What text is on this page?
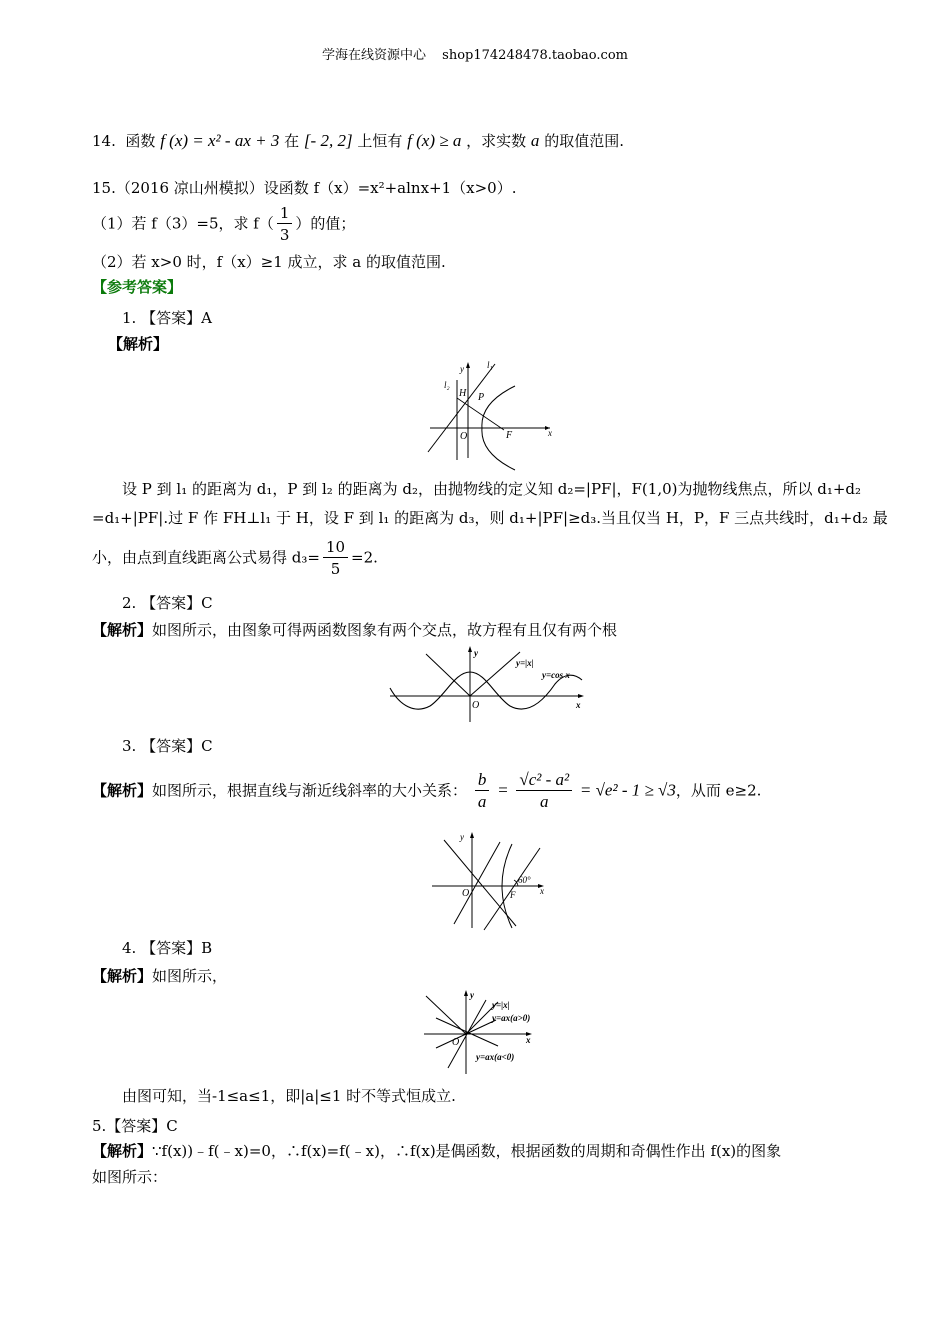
学海在线资源中心 shop174248478.taobao.com
14. 函数 f (x) = x² - ax + 3 在 [- 2, 2] 上恒有 f (x) ≥ a ，求实数 a 的取值范围.
15.（2016 凉山州模拟）设函数 f（x）=x²+alnx+1（x>0）.
（1）若 f（3）=5，求 $f( \frac{1}{3}$ ）的值；
（2）若 x>0 时，f（x）≥1 成立，求 a 的取值范围.
【参考答案】
1. 【答案】A
【解析】
y	l₁
l₂
H P
O	F	x
设 P 到 l₁ 的距离为 d₁，P 到 l₂ 的距离为 d₂，由抛物线的定义知 d₂=|PF|，F(1,0)为抛物线焦点，所以 d₁+d₂
=d₁+|PF|.过 F 作 FH⊥l₁ 于 H，设 F 到 l₁ 的距离为 d₃，则 d₁+|PF|≥d₃.当且仅当 H，P，F 三点共线时，d₁+d₂ 最
小，由点到直线距离公式易得 $d_3= \frac{10}{5} =2$.
2. 【答案】C
【解析】如图所示，由图象可得两函数图象有两个交点，故方程有且仅有两个根
y
y=|x|
y=cos x
O	x
3. 【答案】C
【解析】如图所示，根据直线与渐近线斜率的大小关系： $\frac{b}{a} = \frac{\text{√c² - a²}}{a} = √e^2 - 1 \ge √3$，从而 e≥2.
y
60°
O	F	x
4. 【答案】B
【解析】如图所示，
y
y=|x|
y=ax(a>0)
O	x
y=ax(a<0)
由图可知，当-1≤a≤1，即|a|≤1 时不等式恒成立.
5.【答案】C
【解析】∵f(x))﹣f(﹣x)=0，∴f(x)=f(﹣x)，∴f(x)是偶函数，根据函数的周期和奇偶性作出 f(x)的图象
如图所示：
